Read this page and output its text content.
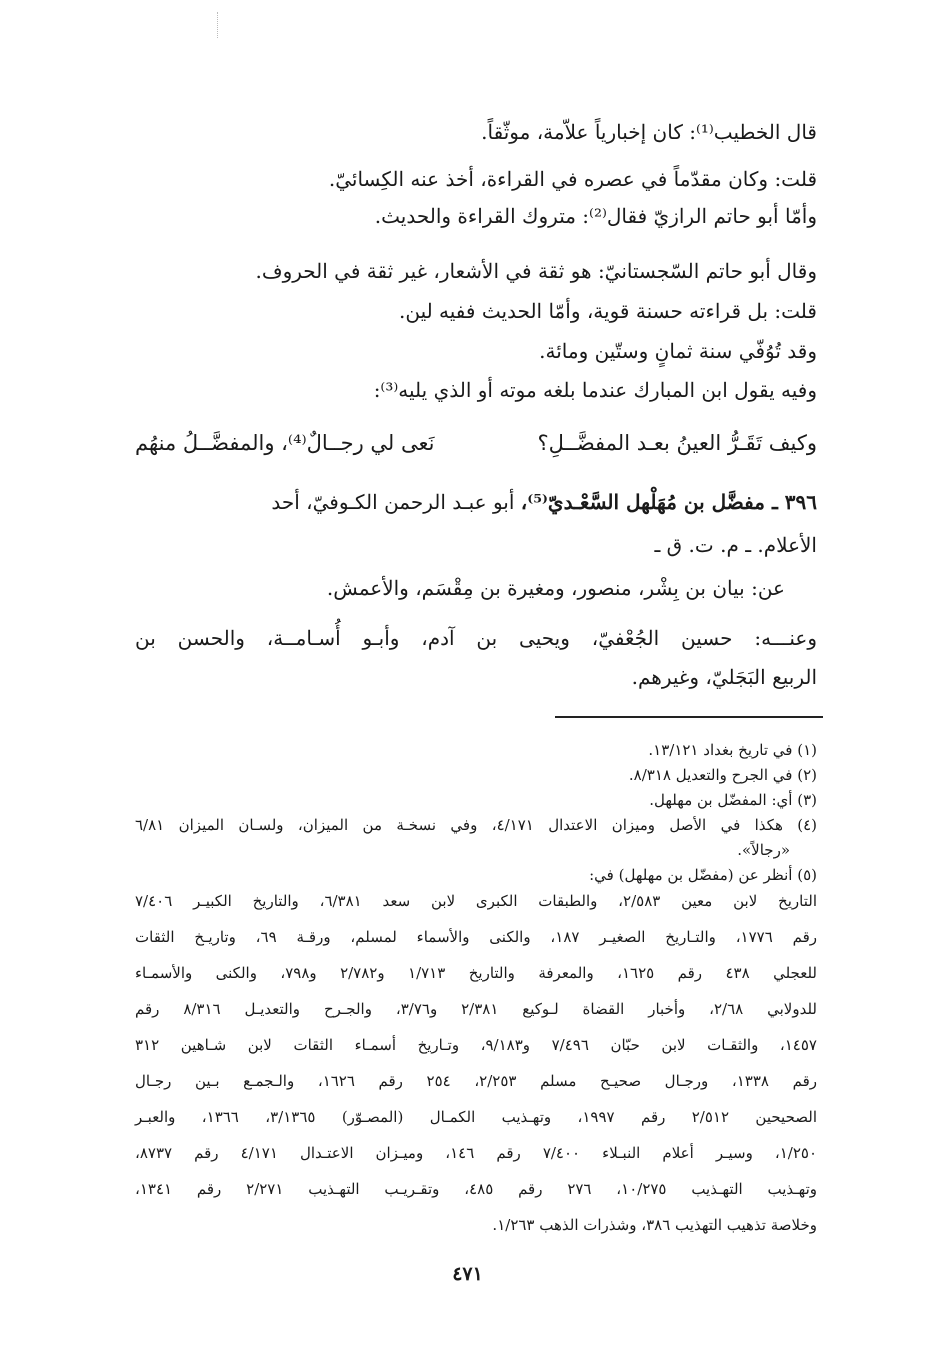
قال الخطيب⁽¹⁾: كان إخبارياً علاّمة، موثّقاً.
قلت: وكان مقدّماً في عصره في القراءة، أخذ عنه الكِسائيّ.
وأمّا أبو حاتم الرازيّ فقال⁽²⁾: متروك القراءة والحديث.
وقال أبو حاتم السّجستانيّ: هو ثقة في الأشعار، غير ثقة في الحروف.
قلت: بل قراءته حسنة قوية، وأمّا الحديث ففيه لين.
وقد تُوُفّي سنة ثمانٍ وستّين ومائة.
وفيه يقول ابن المبارك عندما بلغه موته أو الذي يليه⁽³⁾:
وكيف تَقَـرُّ العينُ بعـد المفضَّــلِ؟
نَعى لي رجــالٌ⁽⁴⁾، والمفضَّــلُ منهُم
٣٩٦ ـ مفضَّل بن مُهَلْهل السَّعْـديّ⁽⁵⁾، أبو عبـد الرحمن الكـوفيّ، أحد
الأعلام. ـ م. ت. ق ـ
عن: بيان بن بِشْر، منصور، ومغيرة بن مِقْسَم، والأعمش.
وعنـــه: حسين الجُعْفيّ، ويحيى بن آدم، وأبـو أُسـامــة، والحسن بن
الربيع البَجَليّ، وغيرهم.
(١) في تاريخ بغداد ١٣/١٢١.
(٢) في الجرح والتعديل ٨/٣١٨.
(٣) أي: المفضّل بن مهلهل.
(٤) هكذا في الأصل وميزان الاعتدال ٤/١٧١، وفي نسخـة من الميزان، ولسـان الميزان ٦/٨١
«رجالاً».
(٥) أنظر عن (مفضّل بن مهلهل) في:
التاريخ لابن معين ٢/٥٨٣، والطبقات الكبرى لابن سعد ٦/٣٨١، والتاريخ الكبيـر ٧/٤٠٦
رقم ١٧٧٦، والتـاريخ الصغيـر ١٨٧، والكنى والأسماء لمسلم، ورقـة ٦٩، وتاريـخ الثقات
للعجلي ٤٣٨ رقم ١٦٢٥، والمعرفة والتاريخ ١/٧١٣ و٢/٧٨٢ و٧٩٨، والكنى والأسمـاء
للدولابي ٢/٦٨، وأخبار القضاة لـوكيع ٢/٣٨١ و٣/٧٦، والجـرح والتعديـل ٨/٣١٦ رقم
١٤٥٧، والثقـات لابن حبّان ٧/٤٩٦ و٩/١٨٣، وتـاريخ أسمـاء الثقات لابن شـاهين ٣١٢
رقم ١٣٣٨، ورجـال صحيـح مسلم ٢/٢٥٣، ٢٥٤ رقم ١٦٢٦، والـجمـع بـين رجـال
الصحيحين ٢/٥١٢ رقم ١٩٩٧، وتهـذيب الكمـال (المصـوّر) ٣/١٣٦٥، ١٣٦٦، والعبـر
١/٢٥٠، وسيـر أعلام النبـلاء ٧/٤٠٠ رقم ١٤٦، وميـزان الاعتـدال ٤/١٧١ رقم ٨٧٣٧،
وتهـذيب التهـذيب ١٠/٢٧٥، ٢٧٦ رقم ٤٨٥، وتقـريـب التهـذيب ٢/٢٧١ رقم ١٣٤١،
وخلاصة تذهيب التهذيب ٣٨٦، وشذرات الذهب ١/٢٦٣.
٤٧١
